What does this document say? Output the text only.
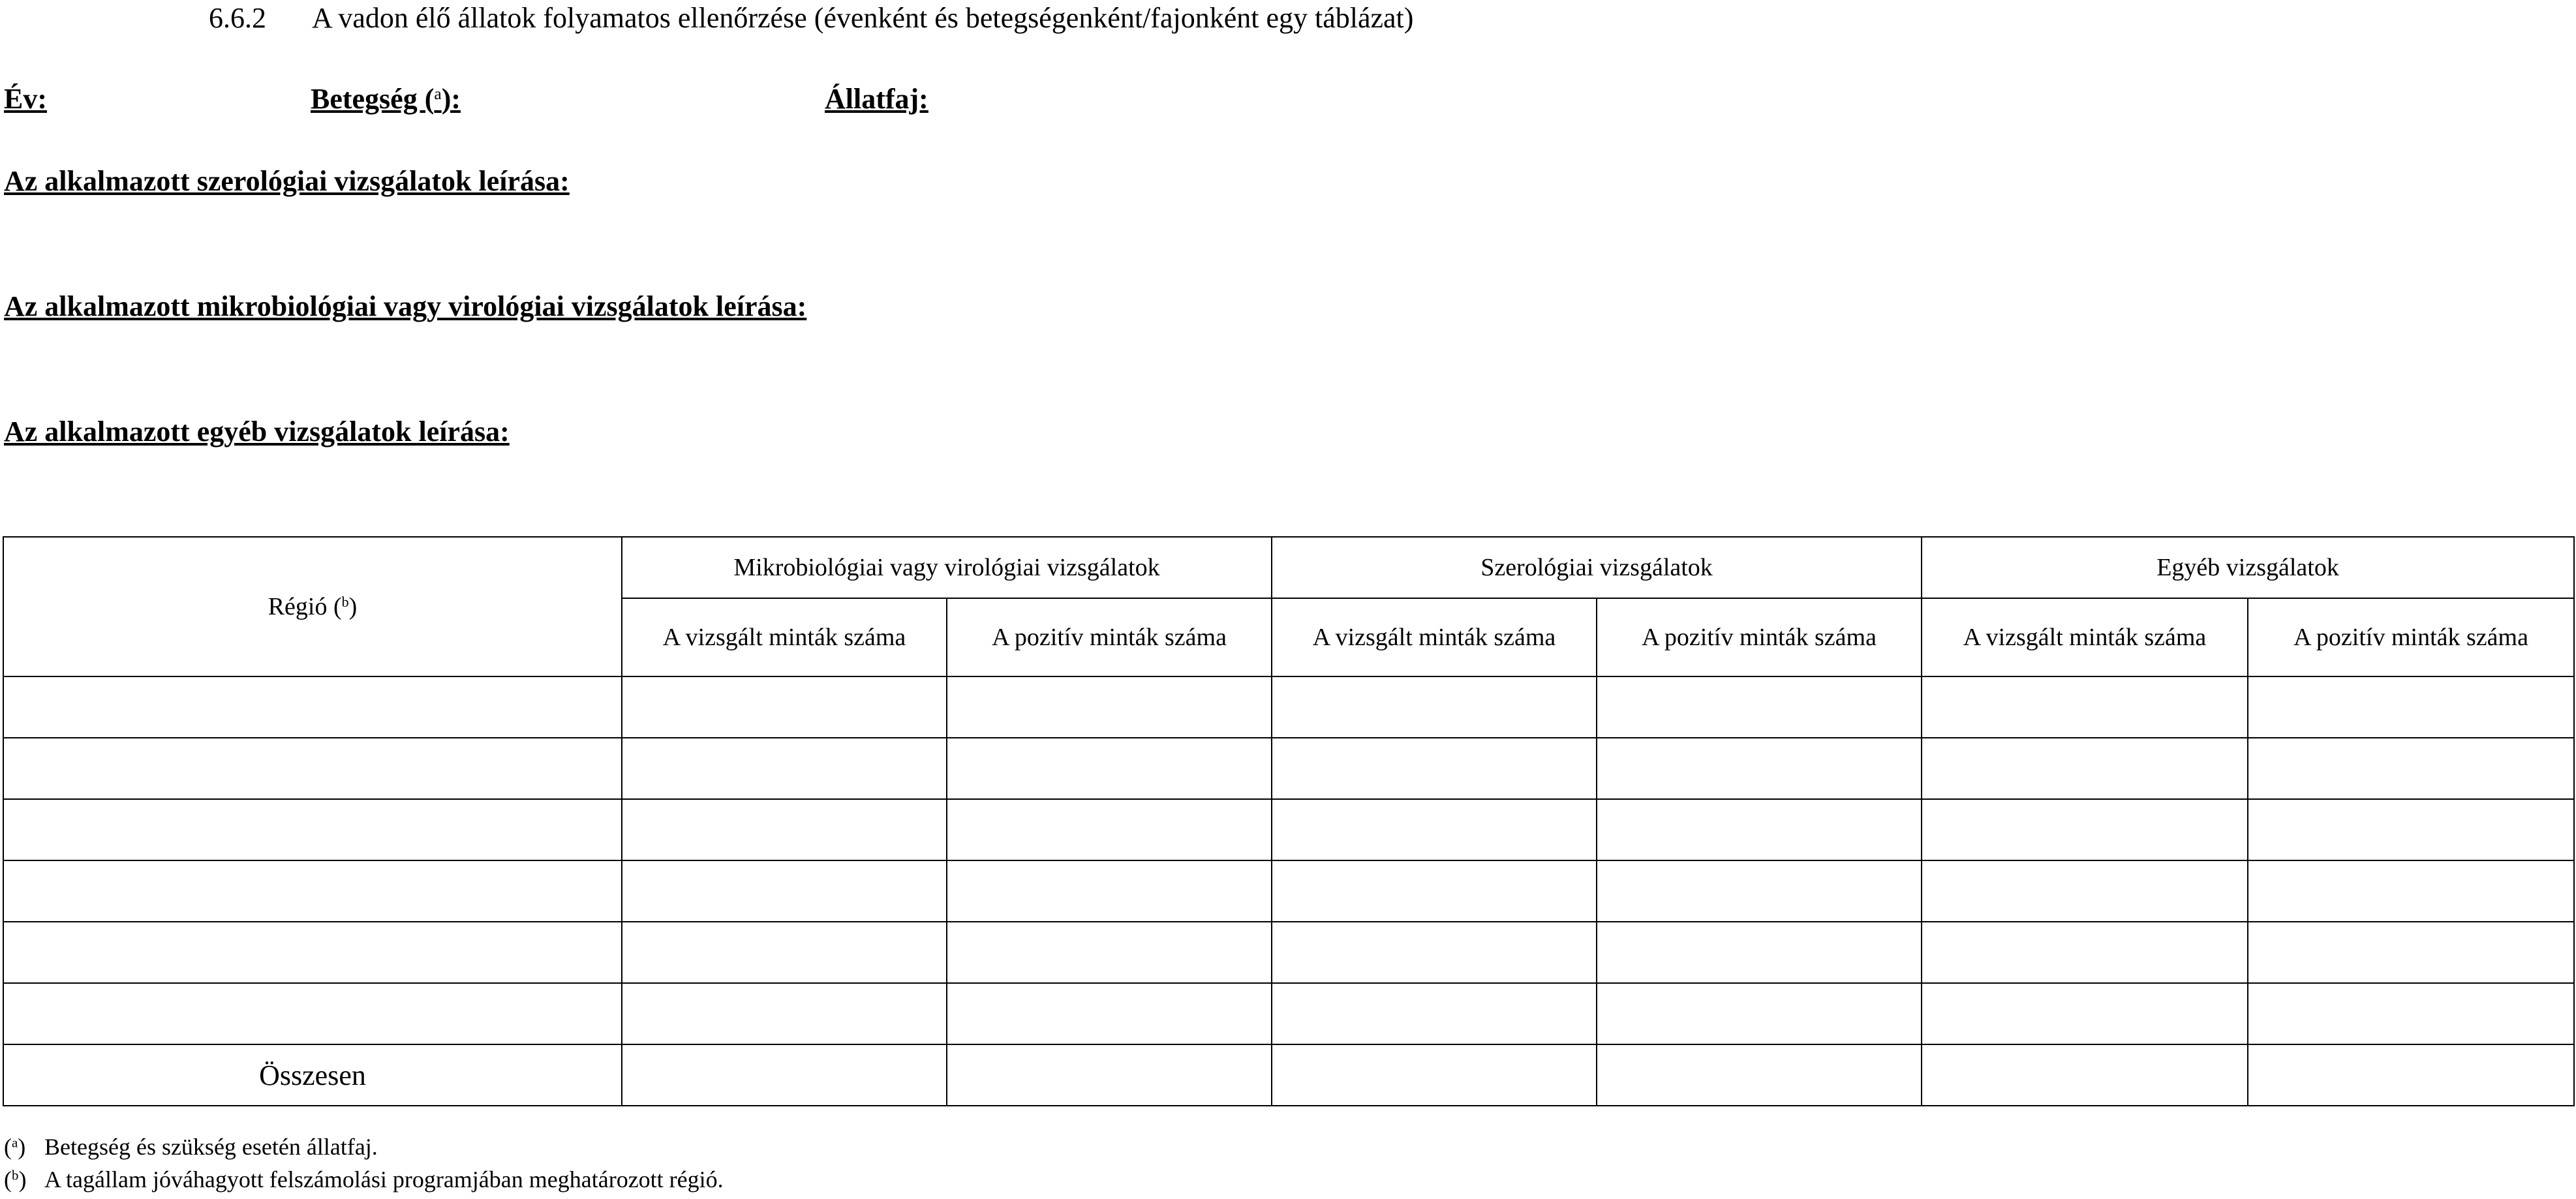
6.6.2 A vadon élő állatok folyamatos ellenőrzése (évenként és betegségenként/fajonként egy táblázat)
Év:	Betegség ($^a$):	Állatfaj:
Az alkalmazott szerológiai vizsgálatok leírása:
Az alkalmazott mikrobiológiai vagy virológiai vizsgálatok leírása:
Az alkalmazott egyéb vizsgálatok leírása:
Régió ($^b$)	Mikrobiológiai vagy virológiai vizsgálatok		Szerológiai vizsgálatok		Egyéb vizsgálatok	
	A vizsgált minták száma	A pozitív minták száma	A vizsgált minták száma	A pozitív minták száma	A vizsgált minták száma	A pozitív minták száma

Összesen						
($^a$) Betegség és szükség esetén állatfaj.
($^b$) A tagállam jóváhagyott felszámolási programjában meghatározott régió.
